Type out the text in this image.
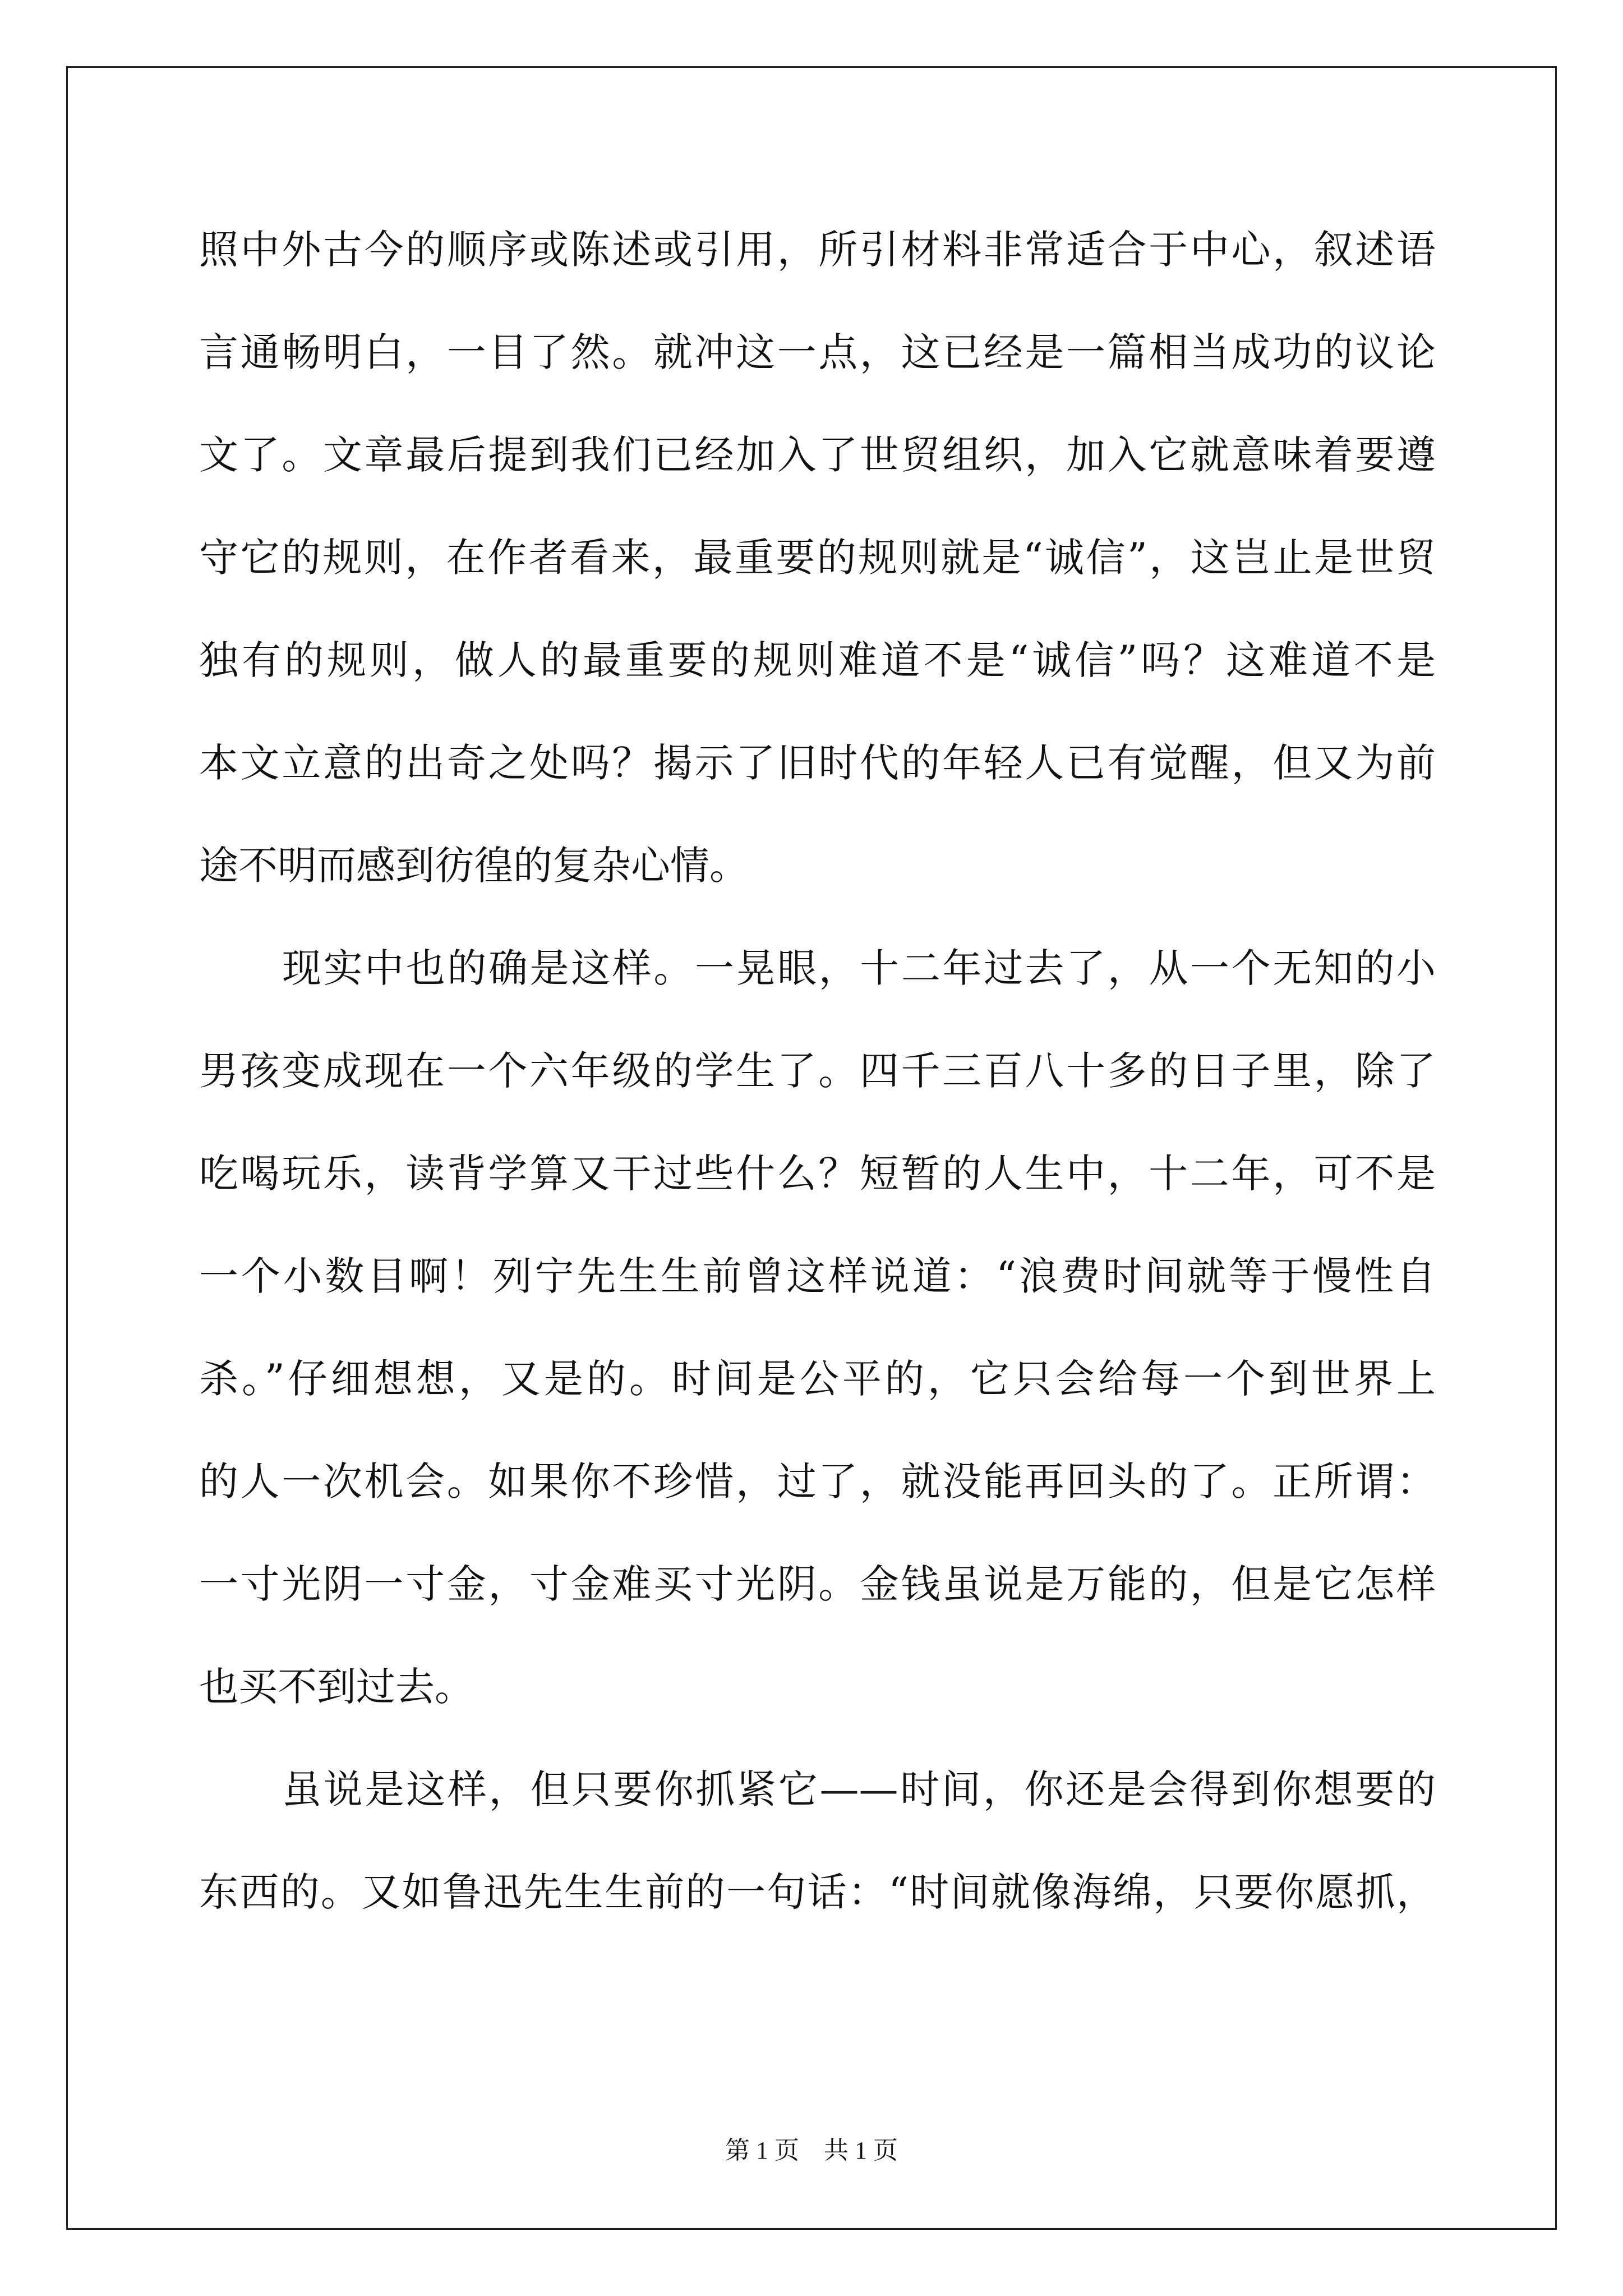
照中外古今的顺序或陈述或引用，所引材料非常适合于中心，叙述语
言通畅明白，一目了然。就冲这一点，这已经是一篇相当成功的议论
文了。文章最后提到我们已经加入了世贸组织，加入它就意味着要遵
守它的规则，在作者看来，最重要的规则就是“诚信”，这岂止是世贸
独有的规则，做人的最重要的规则难道不是“诚信”吗？这难道不是
本文立意的出奇之处吗？揭示了旧时代的年轻人已有觉醒，但又为前
途不明而感到彷徨的复杂心情。
现实中也的确是这样。一晃眼，十二年过去了，从一个无知的小
男孩变成现在一个六年级的学生了。四千三百八十多的日子里，除了
吃喝玩乐，读背学算又干过些什么？短暂的人生中，十二年，可不是
一个小数目啊！列宁先生生前曾这样说道：“浪费时间就等于慢性自
杀。”仔细想想，又是的。时间是公平的，它只会给每一个到世界上
的人一次机会。如果你不珍惜，过了，就没能再回头的了。正所谓：
一寸光阴一寸金，寸金难买寸光阴。金钱虽说是万能的，但是它怎样
也买不到过去。
虽说是这样，但只要你抓紧它——时间，你还是会得到你想要的
东西的。又如鲁迅先生生前的一句话：“时间就像海绵，只要你愿抓，
第 1 页　共 1 页
